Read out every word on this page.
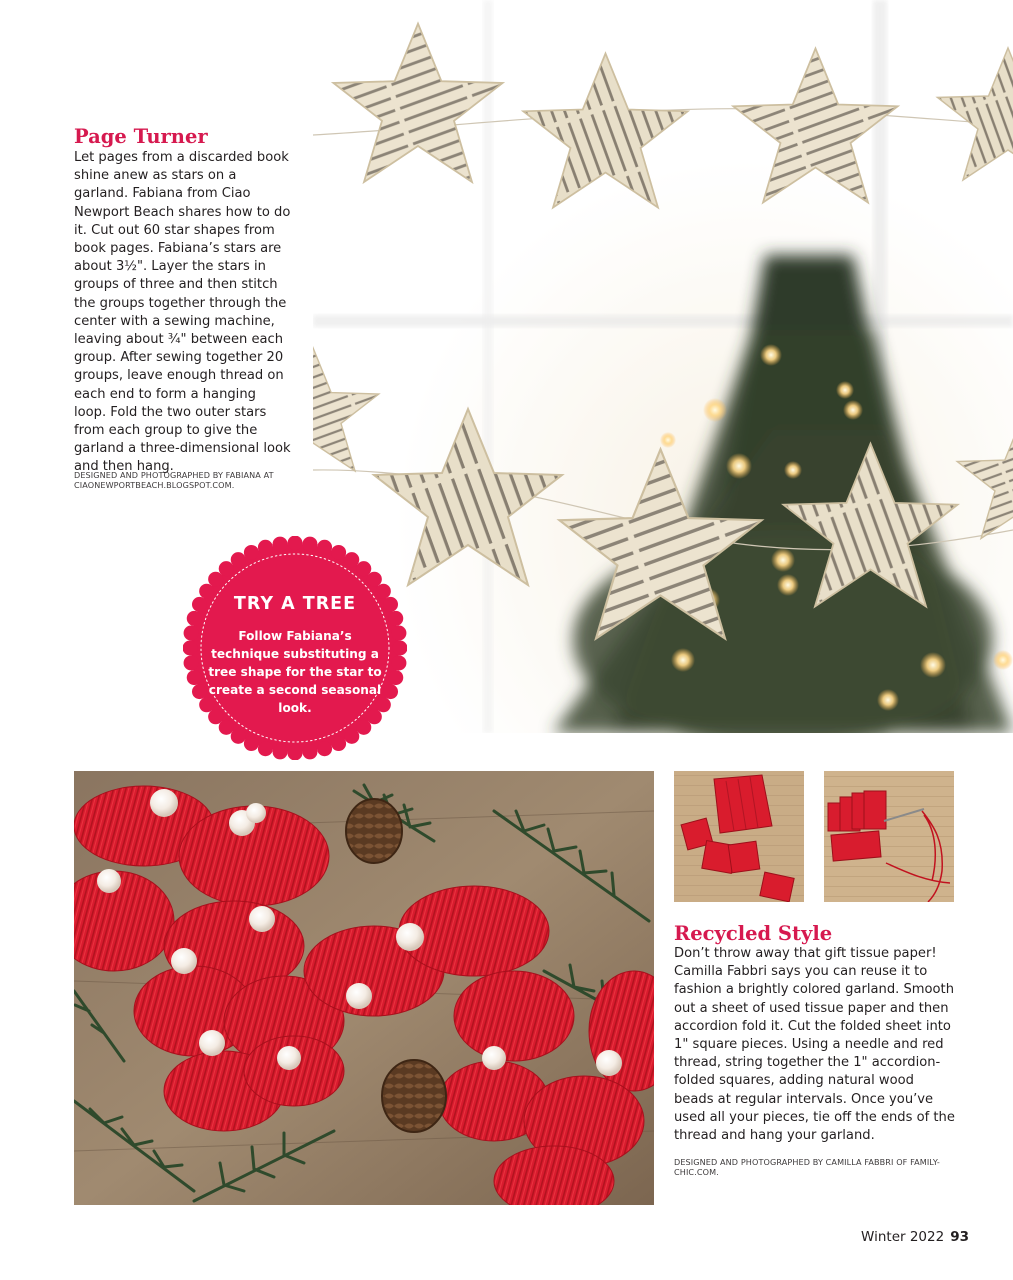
Page Turner

Let pages from a discarded book shine anew as stars on a garland. Fabiana from Ciao Newport Beach shares how to do it. Cut out 60 star shapes from book pages. Fabiana’s stars are about 3½". Layer the stars in groups of three and then stitch the groups together through the center with a sewing machine, leaving about ¾" between each group. After sewing together 20 groups, leave enough thread on each end to form a hanging loop. Fold the two outer stars from each group to give the garland a three-dimensional look and then hang.

DESIGNED AND PHOTOGRAPHED BY FABIANA AT CIAONEWPORTBEACH.BLOGSPOT.COM.

TRY A TREE
Follow Fabiana’s technique substituting a tree shape for the star to create a second seasonal look.
Recycled Style

Don’t throw away that gift tissue paper! Camilla Fabbri says you can reuse it to fashion a brightly colored garland. Smooth out a sheet of used tissue paper and then accordion fold it. Cut the folded sheet into 1" square pieces. Using a needle and red thread, string together the 1" accordion-folded squares, adding natural wood beads at regular intervals. Once you’ve used all your pieces, tie off the ends of the thread and hang your garland.

DESIGNED AND PHOTOGRAPHED BY CAMILLA FABBRI OF FAMILY-CHIC.COM.

Winter 2022 93
